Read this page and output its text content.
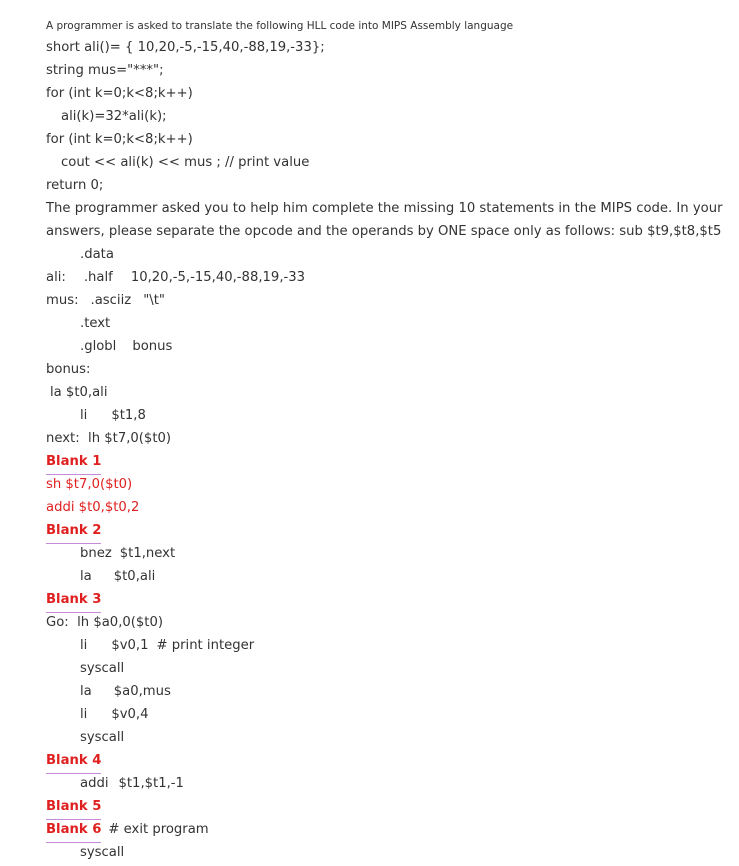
A programmer is asked to translate the following HLL code into MIPS Assembly language
short ali()= { 10,20,-5,-15,40,-88,19,-33};
string mus="***";
for (int k=0;k<8;k++)
ali(k)=32*ali(k);
for (int k=0;k<8;k++)
cout << ali(k) << mus ; // print value
return 0;
The programmer asked you to help him complete the missing 10 statements in the MIPS code. In your answers, please separate the opcode and the operands by ONE space only as follows: sub $t9,$t8,$t5
.data
ali: .half 10,20,-5,-15,40,-88,19,-33
mus: .asciiz "\t"
.text
.globl bonus
bonus:
la $t0,ali
li $t1,8
next:  lh $t7,0($t0)
Blank 1
sh $t7,0($t0)
addi $t0,$t0,2
Blank 2
bnez $t1,next
la $t0,ali
Blank 3
Go:  lh $a0,0($t0)
li $v0,1 # print integer
syscall
la $a0,mus
li $v0,4
syscall
Blank 4
addi $t1,$t1,-1
Blank 5
Blank 6 # exit program
syscall
